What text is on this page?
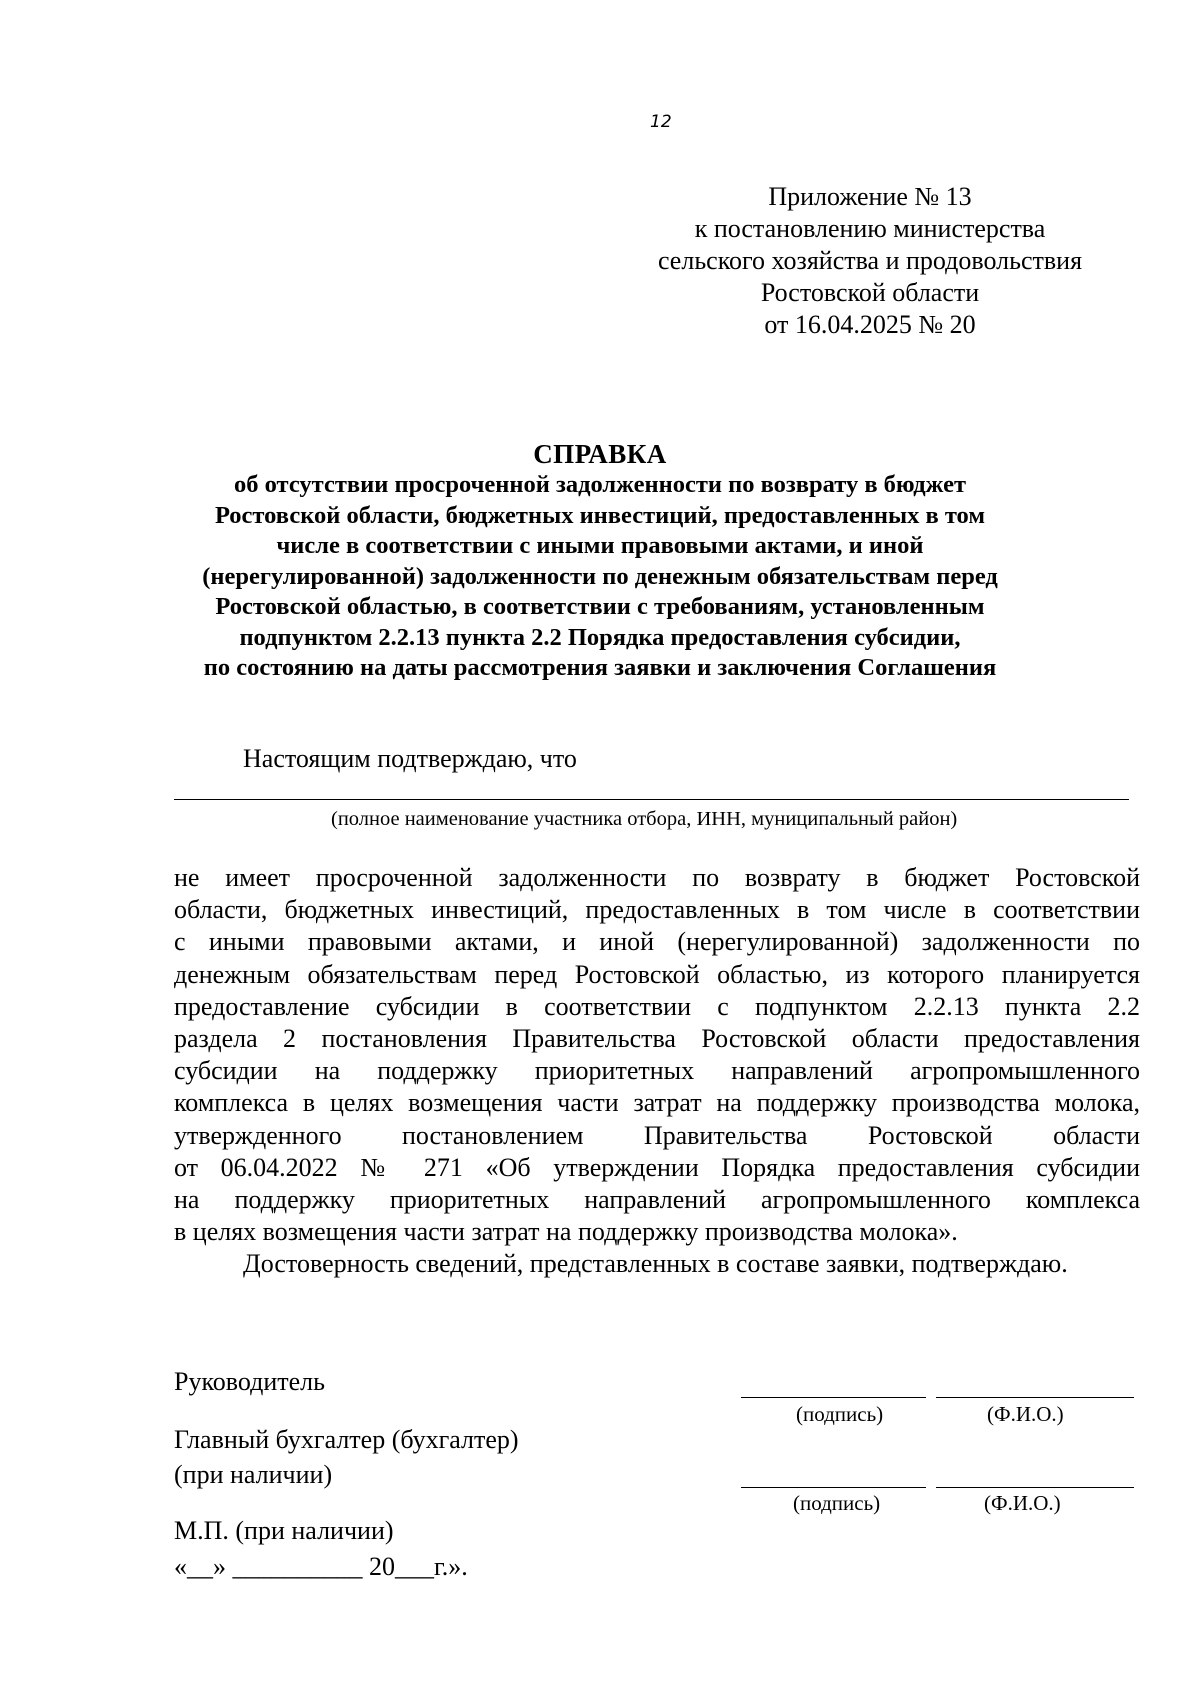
12
Приложение № 13
к постановлению министерства
сельского хозяйства и продовольствия
Ростовской области
от 16.04.2025 № 20
СПРАВКА
об отсутствии просроченной задолженности по возврату в бюджет
Ростовской области, бюджетных инвестиций, предоставленных в том
числе в соответствии с иными правовыми актами, и иной
(нерегулированной) задолженности по денежным обязательствам перед
Ростовской областью, в соответствии с требованиям, установленным
подпунктом 2.2.13 пункта 2.2 Порядка предоставления субсидии,
по состоянию на даты рассмотрения заявки и заключения Соглашения
Настоящим подтверждаю, что
(полное наименование участника отбора, ИНН, муниципальный район)
не имеет просроченной задолженности по возврату в бюджет Ростовской
области, бюджетных инвестиций, предоставленных в том числе в соответствии
с иными правовыми актами, и иной (нерегулированной) задолженности по
денежным обязательствам перед Ростовской областью, из которого планируется
предоставление субсидии в соответствии с подпунктом 2.2.13 пункта 2.2
раздела 2 постановления Правительства Ростовской области предоставления
субсидии на поддержку приоритетных направлений агропромышленного
комплекса в целях возмещения части затрат на поддержку производства молока,
утвержденного постановлением Правительства Ростовской области
от 06.04.2022 № 271 «Об утверждении Порядка предоставления субсидии
на поддержку приоритетных направлений агропромышленного комплекса
в целях возмещения части затрат на поддержку производства молока».
Достоверность сведений, представленных в составе заявки, подтверждаю.
Руководитель
(подпись)	(Ф.И.О.)
Главный бухгалтер (бухгалтер)
(при наличии)
(подпись)	(Ф.И.О.)
М.П. (при наличии)
«__» __________ 20___г.».
